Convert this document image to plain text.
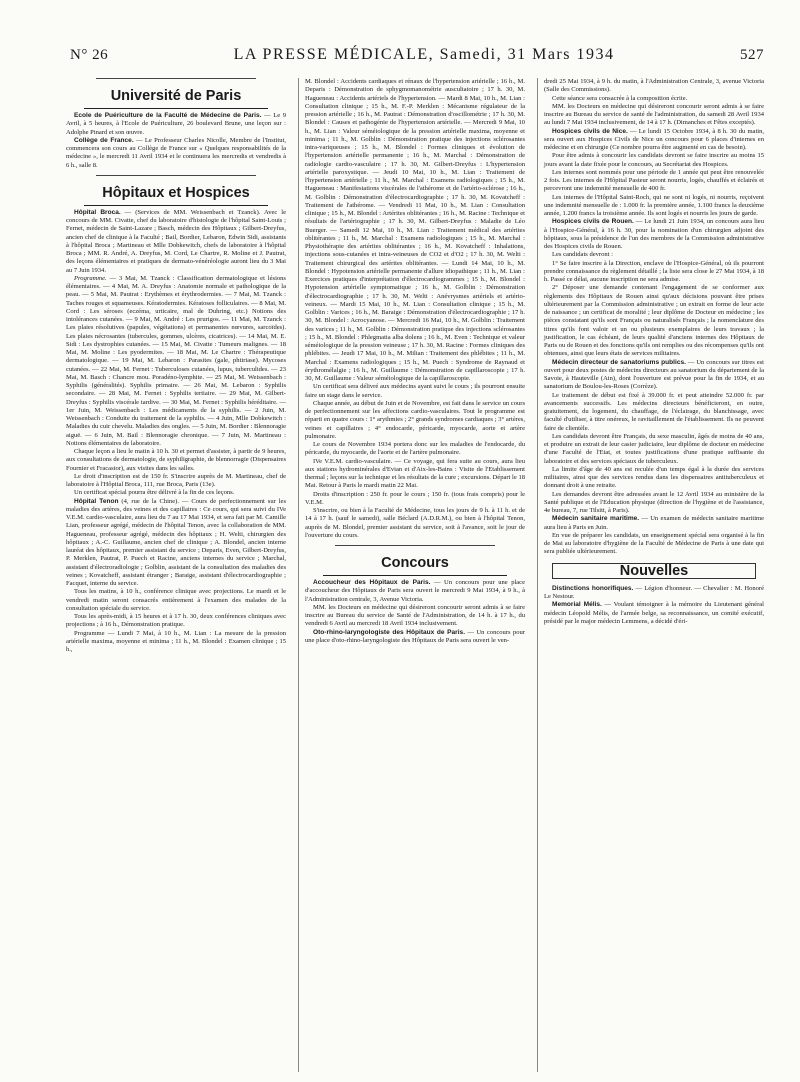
N° 26	LA PRESSE MÉDICALE, Samedi, 31 Mars 1934	527
Université de Paris

Ecole de Puériculture de la Faculté de Médecine de Paris. — Le 9 Avril, à 5 heures, à l'Ecole de Puériculture, 26 boulevard Brune, une leçon sur : Adolphe Pinard et son œuvre.

Collège de France. — Le Professeur Charles Nicolle, Membre de l'Institut, commencera son cours au Collège de France sur « Quelques responsabilités de la médecine », le mercredi 11 Avril 1934 et le continuera les mercredis et vendredis à 6 h., salle 8.

Hôpitaux et Hospices

Hôpital Broca. — (Services de MM. Weissenbach et Tzanck). Avec le concours de MM. Civatte, chef du laboratoire d'histologie de l'hôpital Saint-Louis ; Fernet, médecin de Saint-Lazare ; Basch, médecin des Hôpitaux ; Gilbert-Dreyfus, ancien chef de clinique à la Faculté ; Bail, Bordier, Lebaron, Edwin Sidi, assistants à l'hôpital Broca ; Martineau et Mlle Dobkewitch, chefs de laboratoire à l'hôpital Broca ; MM. R. André, A. Dreyfus, M. Cord, Le Chartre, R. Moline et J. Pautrat, des leçons élémentaires et pratiques de dermato-vénéréologie auront lieu du 3 Mai au 7 Juin 1934.

Programme. — 3 Mai, M. Tzanck : Classification dermatologique et lésions élémentaires. — 4 Mai, M. A. Dreyfus : Anatomie normale et pathologique de la peau. — 5 Mai, M. Pautrat : Erythèmes et érythrodermies. — 7 Mai, M. Tzanck : Taches rouges et squameuses. Kératodermies. Kératoses folliculaires. — 8 Mai, M. Cord : Les séroses (eczéma, urticaire, mal de Duhring, etc.) Notions des intolérances cutanées. — 9 Mai, M. André : Les prurigos. — 11 Mai, M. Tzanck : Les plaies résolutives (papules, végétations) et permanentes nœvures, sarcoïdes). Les plaies nécrosantes (tubercules, gommes, ulcères, cicatrices). — 14 Mai, M. E. Sidi : Les dystrophies cutanées. — 15 Mai, M. Civatte : Tumeurs malignes. — 18 Mai, M. Moline : Les pyodermites. — 18 Mai, M. Le Chartre : Thérapeutique dermatologique. — 19 Mai, M. Lebaron : Parasites (gale, phtiriase). Mycoses cutanées. — 22 Mai, M. Fernet : Tuberculoses cutanées, lupus, tuberculides. — 23 Mai, M. Basch : Chancre mou. Poradéno-lymphite. — 25 Mai, M. Weissenbach : Syphilis (généralités). Syphilis primaire. — 26 Mai, M. Lebaron : Syphilis secondaire. — 28 Mai, M. Fernet : Syphilis tertiaire. — 29 Mai, M. Gilbert-Dreyfus : Syphilis viscérale tardive. — 30 Mai, M. Fernet : Syphilis héréditaire. — 1er Juin, M. Weissenbach : Les médicaments de la syphilis. — 2 Juin, M. Weissenbach : Conduite du traitement de la syphilis. — 4 Juin, Mlle Dobkewitch : Maladies du cuir chevelu. Maladies des ongles. — 5 Juin, M. Bordier : Blennoragie aiguë. — 6 Juin, M. Bail : Blennoragie chronique. — 7 Juin, M. Martineau : Notions élémentaires de laboratoire.

Chaque leçon a lieu le matin à 10 h. 30 et permet d'assister, à partir de 9 heures, aux consultations de dermatologie, de syphiligraphie, de blennorragie (Dispensaires Fournier et Fracastor), aux visites dans les salles.

Le droit d'inscription est de 150 fr. S'inscrire auprès de M. Martineau, chef de laboratoire à l'Hôpital Broca, 111, rue Broca, Paris (13e).

Un certificat spécial pourra être délivré à la fin de ces leçons.

Hôpital Tenon (4, rue de la Chine). — Cours de perfectionnement sur les maladies des artères, des veines et des capillaires : Ce cours, qui sera suivi du IVe V.E.M. cardio-vasculaire, aura lieu du 7 au 17 Mai 1934, et sera fait par M. Camille Lian, professeur agrégé, médecin de l'hôpital Tenon, avec la collaboration de MM. Hagueneau, professeur agrégé, médecin des hôpitaux ; H. Welti, chirurgien des hôpitaux ; A.-C. Guillaume, ancien chef de clinique ; A. Blondel, ancien interne lauréat des hôpitaux, premier assistant du service ; Deparis, Even, Gilbert-Dreyfus, P. Merklen, Pautrat, P. Puech et Racine, anciens internes du service ; Marchal, assistant d'électroradiologie ; Golblin, assistant de la consultation des maladies des veines ; Kovatcheff, assistant étranger ; Baraige, assistant d'électrocardiographie ; Facquet, interne du service.

Tous les matins, à 10 h., conférence clinique avec projections. Le mardi et le vendredi matin seront consacrés entièrement à l'examen des malades de la consultation spéciale du service.

Tous les après-midi, à 15 heures et à 17 h. 30, deux conférences cliniques avec projections ; à 16 h., Démonstration pratique.

Programme — Lundi 7 Mai, à 10 h., M. Lian : La mesure de la pression artérielle maxima, moyenne et minima ; 11 h., M. Blondel : Examen clinique ; 15 h.,

M. Blondel : Accidents cardiaques et rénaux de l'hypertension artérielle ; 16 h., M. Deparis : Démonstration de sphygmomanométrie auscultatoire ; 17 h. 30, M. Hagueneau : Accidents artériels de l'hypertension. — Mardi 8 Mai, 10 h., M. Lian : Consultation clinique ; 15 h., M. F.-P. Merklen : Mécanisme régulateur de la pression artérielle ; 16 h., M. Pautrat : Démonstration d'oscillométrie ; 17 h. 30, M. Blondel : Causes et pathogénie de l'hypertension artérielle. — Mercredi 9 Mai, 10 h., M. Lian : Valeur séméiologique de la pression artérielle maxima, moyenne et minima ; 11 h., M. Golblin : Démonstration pratique des injections sclérosantes intra-variqueuses ; 15 h., M. Blondel : Formes cliniques et évolution de l'hypertension artérielle permanente ; 16 h., M. Marchal : Démonstration de radiologie cardio-vasculaire ; 17 h. 30, M. Gilbert-Dreyfus : L'hypertension artérielle paroxystique. — Jeudi 10 Mai, 10 h., M. Lian : Traitement de l'hypertension artérielle ; 11 h., M. Marchal : Examens radiologiques ; 15 h., M. Hagueneau : Manifestations viscérales de l'athérome et de l'artério-sclérose ; 16 h., M. Golblin : Démonstration d'électrocardiographie ; 17 h. 30, M. Kovatcheff : Traitement de l'athérome. — Vendredi 11 Mai, 10 h., M. Lian : Consultation clinique ; 15 h., M. Blondel : Artérites oblitérantes ; 16 h., M. Racine : Technique et résultats de l'artériographie ; 17 h. 30, M. Gilbert-Dreyfus : Maladie de Léo Buerger. — Samedi 12 Mai, 10 h., M. Lian : Traitement médical des artérites oblitérantes ; 11 h., M. Marchal : Examens radiologiques ; 15 h., M. Marchal : Physiothérapie des artérites oblitérantes ; 16 h., M. Kovatcheff : Inhalations, injections sous-cutanées et intra-veineuses de CO2 et d'O2 ; 17 h. 30, M. Welti : Traitement chirurgical des artérites oblitérantes. — Lundi 14 Mai, 10 h., M. Blondel : Hypotension artérielle permanente d'allure idiopathique ; 11 h., M. Lian : Exercices pratiques d'interprétation d'électrocardiogrammes ; 15 h., M. Blondel : Hypotension artérielle symptomatique ; 16 h., M. Golblin : Démonstration d'électrocardiographie ; 17 h. 30, M. Welti : Anévrysmes artériels et artério-veineux. — Mardi 15 Mai, 10 h., M. Lian : Consultation clinique ; 15 h., M. Golblin : Varices ; 16 h., M. Baraige : Démonstration d'électrocardiographie ; 17 h. 30, M. Blondel : Acrocyanose. — Mercredi 16 Mai, 10 h., M. Golblin : Traitement des varices ; 11 h., M. Golblin : Démonstration pratique des injections sclérosantes ; 15 h., M. Blondel : Phlegmatia alba dolens ; 16 h., M. Even : Technique et valeur séméiologique de la pression veineuse ; 17 h. 30, M. Racine : Formes cliniques des phlébites. — Jeudi 17 Mai, 10 h., M. Milian : Traitement des phlébites ; 11 h., M. Marchal : Examens radiologiques ; 15 h., M. Puech : Syndrome de Raynaud et érythromélalgie ; 16 h., M. Guillaume : Démonstration de capillaroscopie ; 17 h. 30, M. Guillaume : Valeur séméiologique de la capillaroscopie.

Un certificat sera délivré aux médecins ayant suivi le cours ; ils pourront ensuite faire un stage dans le service.

Chaque année, au début de Juin et de Novembre, est fait dans le service un cours de perfectionnement sur les affections cardio-vasculaires. Tout le programme est réparti en quatre cours : 1° arythmies ; 2° grands syndromes cardiaques ; 3° artères, veines et capillaires ; 4° endocarde, péricarde, myocarde, aorte et artère pulmonaire.

Le cours de Novembre 1934 portera donc sur les maladies de l'endocarde, du péricarde, du myocarde, de l'aorte et de l'artère pulmonaire.

IVe V.E.M. cardio-vasculaire. — Ce voyage, qui fera suite au cours, aura lieu aux stations hydrominérales d'Evian et d'Aix-les-Bains : Visite de l'Etablissement thermal ; leçons sur la technique et les résultats de la cure ; excursions. Départ le 18 Mai. Retour à Paris le mardi matin 22 Mai.

Droits d'inscription : 250 fr. pour le cours ; 150 fr. (tous frais compris) pour le V.E.M.

S'inscrire, ou bien à la Faculté de Médecine, tous les jours de 9 h. à 11 h. et de 14 à 17 h. (sauf le samedi), salle Béclard (A.D.R.M.), ou bien à l'hôpital Tenon, auprès de M. Blondel, premier assistant du service, soit à l'avance, soit le jour de l'ouverture du cours.

Concours

Accoucheur des Hôpitaux de Paris. — Un concours pour une place d'accoucheur des Hôpitaux de Paris sera ouvert le mercredi 9 Mai 1934, à 9 h., à l'Administration centrale, 3, Avenue Victoria.

MM. les Docteurs en médecine qui désireront concourir seront admis à se faire inscrire au Bureau du service de Santé de l'Administration, de 14 h. à 17 h., du vendredi 6 Avril au mercredi 18 Avril 1934 inclusivement.

Oto-rhino-laryngologiste des Hôpitaux de Paris. — Un concours pour une place d'oto-rhino-laryngologiste des Hôpitaux de Paris sera ouvert le ven-

dredi 25 Mai 1934, à 9 h. du matin, à l'Administration Centrale, 3, avenue Victoria (Salle des Commissions).

Cette séance sera consacrée à la composition écrite.

MM. les Docteurs en médecine qui désireront concourir seront admis à se faire inscrire au Bureau du service de santé de l'administration, du samedi 28 Avril 1934 au lundi 7 Mai 1934 inclusivement, de 14 à 17 h. (Dimanches et Fêtes exceptés).

Hospices civils de Nice. — Le lundi 15 Octobre 1934, à 8 h. 30 du matin, sera ouvert aux Hospices Civils de Nice un concours pour 6 places d'internes en médecine et en chirurgie (Ce nombre pourra être augmenté en cas de besoin).

Pour être admis à concourir les candidats devront se faire inscrire au moins 15 jours avant la date fixée pour le concours, au Secrétariat des Hospices.

Les internes sont nommés pour une période de 1 année qui peut être renouvelée 2 fois. Les internes de l'Hôpital Pasteur seront nourris, logés, chauffés et éclairés et percevront une indemnité mensuelle de 400 fr.

Les internes de l'Hôpital Saint-Roch, qui ne sont ni logés, ni nourris, reçoivent une indemnité mensuelle de : 1.000 fr. la première année, 1.100 francs la deuxième année, 1.200 francs la troisième année. Ils sont logés et nourris les jours de garde.

Hospices civils de Rouen. — Le lundi 21 Juin 1934, un concours aura lieu à l'Hospice-Général, à 16 h. 30, pour la nomination d'un chirurgien adjoint des hôpitaux, sous la présidence de l'un des membres de la Commission administrative des Hospices civils de Rouen.

Les candidats devront :

1° Se faire inscrire à la Direction, enclave de l'Hospice-Général, où ils pourront prendre connaissance du règlement détaillé ; la liste sera close le 27 Mai 1934, à 18 h. Passé ce délai, aucune inscription ne sera admise.

2° Déposer une demande contenant l'engagement de se conformer aux règlements des Hôpitaux de Rouen ainsi qu'aux décisions pouvant être prises ultérieurement par la Commission administrative ; un extrait en forme de leur acte de naissance ; un certificat de moralité ; leur diplôme de Docteur en médecine ; les pièces constatant qu'ils sont Français ou naturalisés Français ; la nomenclature des titres qu'ils font valoir et un ou plusieurs exemplaires de leurs travaux ; la justification, le cas échéant, de leurs qualité d'anciens internes des Hôpitaux de Paris ou de Rouen et des fonctions qu'ils ont remplies ou des récompenses qu'ils ont obtenues, ainsi que leurs états de services militaires.

Médecin directeur de sanatoriums publics. — Un concours sur titres est ouvert pour deux postes de médecins directeurs au sanatorium du département de la Savoie, à Hauteville (Ain), dont l'ouverture est prévue pour la fin de 1934, et au sanatorium de Boulou-les-Roses (Corrèze).

Le traitement de début est fixé à 39.000 fr. et peut atteindre 52.000 fr. par avancements successifs. Les médecins directeurs bénéficieront, en outre, gratuitement, du logement, du chauffage, de l'éclairage, du blanchissage, avec faculté d'utiliser, à titre onéreux, le ravitaillement de l'établissement. Ils ne peuvent faire de clientèle.

Les candidats devront être Français, du sexe masculin, âgés de moins de 40 ans, et produire un extrait de leur casier judiciaire, leur diplôme de docteur en médecine d'une Faculté de l'Etat, et toutes justifications d'une pratique suffisante du laboratoire et des services spéciaux de tuberculeux.

La limite d'âge de 40 ans est reculée d'un temps égal à la durée des services militaires, ainsi que des services rendus dans les dispensaires antituberculeux et donnant droit à une retraite.

Les demandes devront être adressées avant le 12 Avril 1934 au ministère de la Santé publique et de l'Education physique (direction de l'hygiène et de l'assistance, 4e bureau, 7, rue Tilsitt, à Paris).

Médecin sanitaire maritime. — Un examen de médecin sanitaire maritime aura lieu à Paris en Juin.

En vue de préparer les candidats, un enseignement spécial sera organisé à la fin de Mai au laboratoire d'hygiène de la Faculté de Médecine de Paris à une date qui sera publiée ultérieurement.

Nouvelles

Distinctions honorifiques. — Légion d'honneur. — Chevalier : M. Honoré Le Nestour.

Memorial Mélis. — Voulant témoigner à la mémoire du Lieutenant général médecin Léopold Mélis, de l'armée belge, sa reconnaissance, un comité exécutif, présidé par le major médecin Lemmens, a décidé d'éri-
